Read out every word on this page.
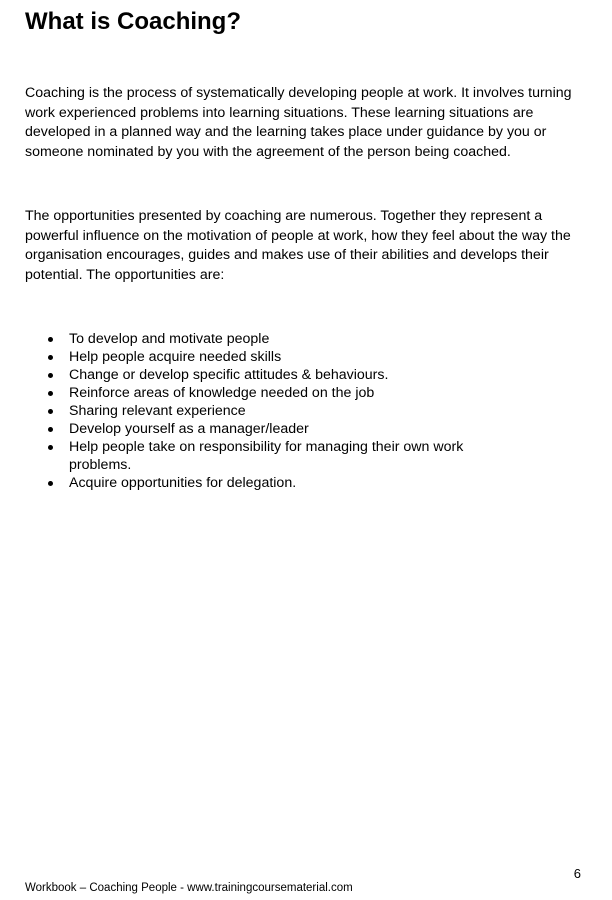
What is Coaching?

Coaching is the process of systematically developing people at work. It involves turning work experienced problems into learning situations. These learning situations are developed in a planned way and the learning takes place under guidance by you or someone nominated by you with the agreement of the person being coached.

The opportunities presented by coaching are numerous. Together they represent a powerful influence on the motivation of people at work, how they feel about the way the organisation encourages, guides and makes use of their abilities and develops their potential. The opportunities are:

To develop and motivate people
Help people acquire needed skills
Change or develop specific attitudes & behaviours.
Reinforce areas of knowledge needed on the job
Sharing relevant experience
Develop yourself as a manager/leader
Help people take on responsibility for managing their own work problems.
Acquire opportunities for delegation.
6
Workbook – Coaching People - www.trainingcoursematerial.com
